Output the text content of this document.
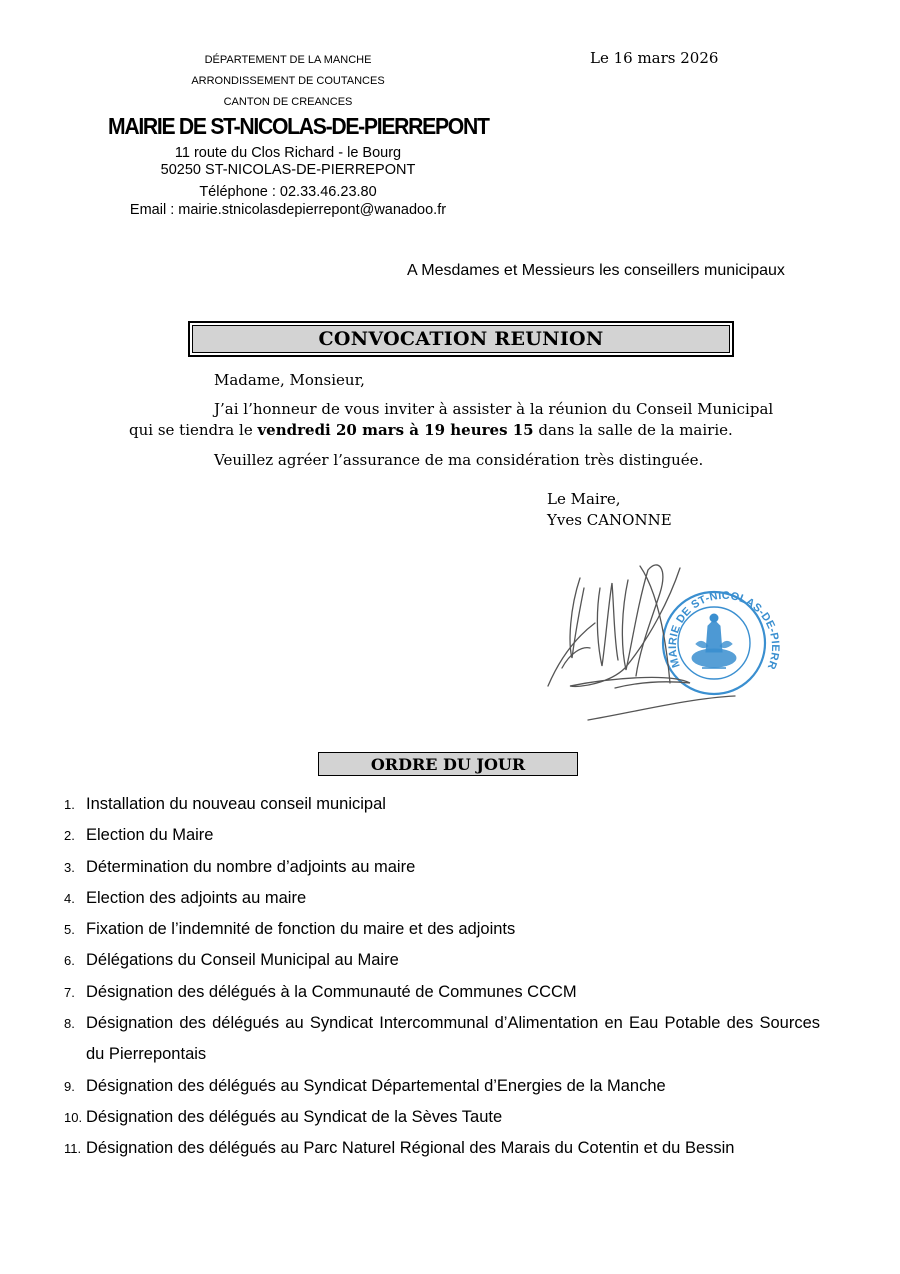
DÉPARTEMENT DE LA MANCHE
ARRONDISSEMENT DE COUTANCES
CANTON DE CREANCES
MAIRIE DE ST-NICOLAS-DE-PIERREPONT
11 route du Clos Richard - le Bourg
50250 ST-NICOLAS-DE-PIERREPONT
Téléphone : 02.33.46.23.80
Email : mairie.stnicolasdepierrepont@wanadoo.fr
Le 16 mars 2026
A Mesdames et Messieurs les conseillers municipaux
CONVOCATION REUNION
Madame, Monsieur,
J’ai l’honneur de vous inviter à assister à la réunion du Conseil Municipal
qui se tiendra le vendredi 20 mars à 19 heures 15 dans la salle de la mairie.
Veuillez agréer l’assurance de ma considération très distinguée.
Le Maire,
Yves CANONNE
MAIRIE DE ST-NICOLAS-DE-PIERR
ORDRE DU JOUR
1. Installation du nouveau conseil municipal
2. Election du Maire
3. Détermination du nombre d’adjoints au maire
4. Election des adjoints au maire
5. Fixation de l’indemnité de fonction du maire et des adjoints
6. Délégations du Conseil Municipal au Maire
7. Désignation des délégués à la Communauté de Communes CCCM
8. Désignation des délégués au Syndicat Intercommunal d’Alimentation en Eau Potable des Sources du Pierrepontais
9. Désignation des délégués au Syndicat Départemental d’Energies de la Manche
10. Désignation des délégués au Syndicat de la Sèves Taute
11. Désignation des délégués au Parc Naturel Régional des Marais du Cotentin et du Bessin
